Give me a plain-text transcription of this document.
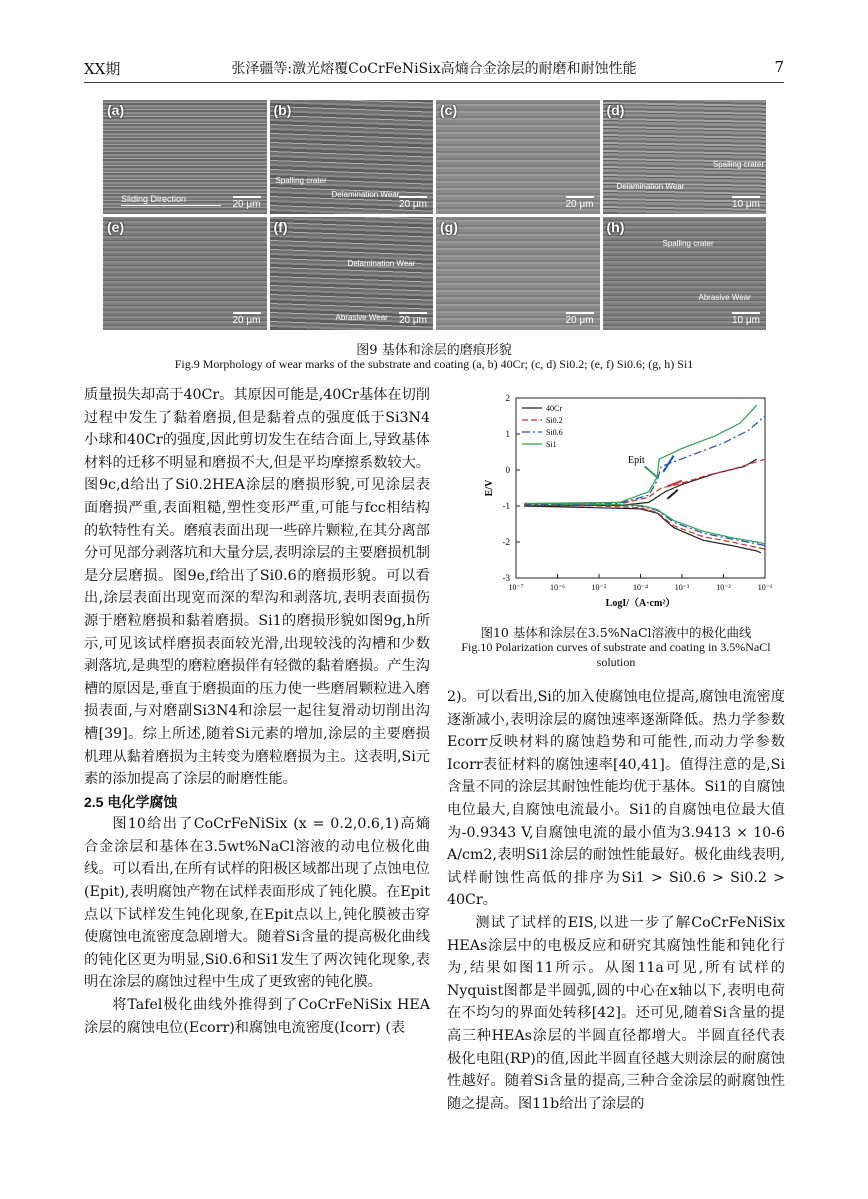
XX期	张泽疆等:激光熔覆CoCrFeNiSix高熵合金涂层的耐磨和耐蚀性能	7
(a)
Sliding Direction	20 μm
(b)
Spalling crater
Delamination Wear
20 μm
(c)
20 μm
(d)
Spalling crater
Delamination Wear
10 μm
(e)
20 μm
(f)
Delamination Wear
Abrasive Wear 20 μm
(g)
20 μm
(h)
Spalling crater
Abrasive Wear
10 μm
图9 基体和涂层的磨痕形貌
Fig.9 Morphology of wear marks of the substrate and coating (a, b) 40Cr; (c, d) Si0.2; (e, f) Si0.6; (g, h) Si1

质量损失却高于40Cr。其原因可能是,40Cr基体在切削过程中发生了黏着磨损,但是黏着点的强度低于Si3N4小球和40Cr的强度,因此剪切发生在结合面上,导致基体材料的迁移不明显和磨损不大,但是平均摩擦系数较大。图9c,d给出了Si0.2HEA涂层的磨损形貌,可见涂层表面磨损严重,表面粗糙,塑性变形严重,可能与fcc相结构的软特性有关。磨痕表面出现一些碎片颗粒,在其分离部分可见部分剥落坑和大量分层,表明涂层的主要磨损机制是分层磨损。图9e,f给出了Si0.6的磨损形貌。可以看出,涂层表面出现宽而深的犁沟和剥落坑,表明表面损伤源于磨粒磨损和黏着磨损。Si1的磨损形貌如图9g,h所示,可见该试样磨损表面较光滑,出现较浅的沟槽和少数剥落坑,是典型的磨粒磨损伴有轻微的黏着磨损。产生沟槽的原因是,垂直于磨损面的压力使一些磨屑颗粒进入磨损表面,与对磨副Si3N4和涂层一起往复滑动切削出沟槽[39]。综上所述,随着Si元素的增加,涂层的主要磨损机理从黏着磨损为主转变为磨粒磨损为主。这表明,Si元素的添加提高了涂层的耐磨性能。

2.5 电化学腐蚀

图10给出了CoCrFeNiSix (x = 0.2,0.6,1)高熵合金涂层和基体在3.5wt%NaCl溶液的动电位极化曲线。可以看出,在所有试样的阳极区域都出现了点蚀电位(Epit),表明腐蚀产物在试样表面形成了钝化膜。在Epit点以下试样发生钝化现象,在Epit点以上,钝化膜被击穿使腐蚀电流密度急剧增大。随着Si含量的提高极化曲线的钝化区更为明显,Si0.6和Si1发生了两次钝化现象,表明在涂层的腐蚀过程中生成了更致密的钝化膜。

将Tafel极化曲线外推得到了CoCrFeNiSix HEA涂层的腐蚀电位(Ecorr)和腐蚀电流密度(Icorr) (表

10⁻⁷	10⁻⁶	10⁻⁵	10⁻⁴	10⁻³	10⁻²	10⁻¹
-3
-2
-1
0
1
2
LogI/（A·cm²）
E/V
Epit
40Cr
Si0.2
Si0.6
Si1
图10 基体和涂层在3.5%NaCl溶液中的极化曲线
Fig.10 Polarization curves of substrate and coating in 3.5%NaCl solution

2)。可以看出,Si的加入使腐蚀电位提高,腐蚀电流密度逐渐减小,表明涂层的腐蚀速率逐渐降低。热力学参数Ecorr反映材料的腐蚀趋势和可能性,而动力学参数Icorr表征材料的腐蚀速率[40,41]。值得注意的是,Si含量不同的涂层其耐蚀性能均优于基体。Si1的自腐蚀电位最大,自腐蚀电流最小。Si1的自腐蚀电位最大值为-0.9343 V,自腐蚀电流的最小值为3.9413 × 10-6 A/cm2,表明Si1涂层的耐蚀性能最好。极化曲线表明,试样耐蚀性高低的排序为Si1 > Si0.6 > Si0.2 > 40Cr。

测试了试样的EIS,以进一步了解CoCrFeNiSix HEAs涂层中的电极反应和研究其腐蚀性能和钝化行为,结果如图11所示。从图11a可见,所有试样的Nyquist图都是半圆弧,圆的中心在x轴以下,表明电荷在不均匀的界面处转移[42]。还可见,随着Si含量的提高三种HEAs涂层的半圆直径都增大。半圆直径代表极化电阻(RP)的值,因此半圆直径越大则涂层的耐腐蚀性越好。随着Si含量的提高,三种合金涂层的耐腐蚀性随之提高。图11b给出了涂层的
